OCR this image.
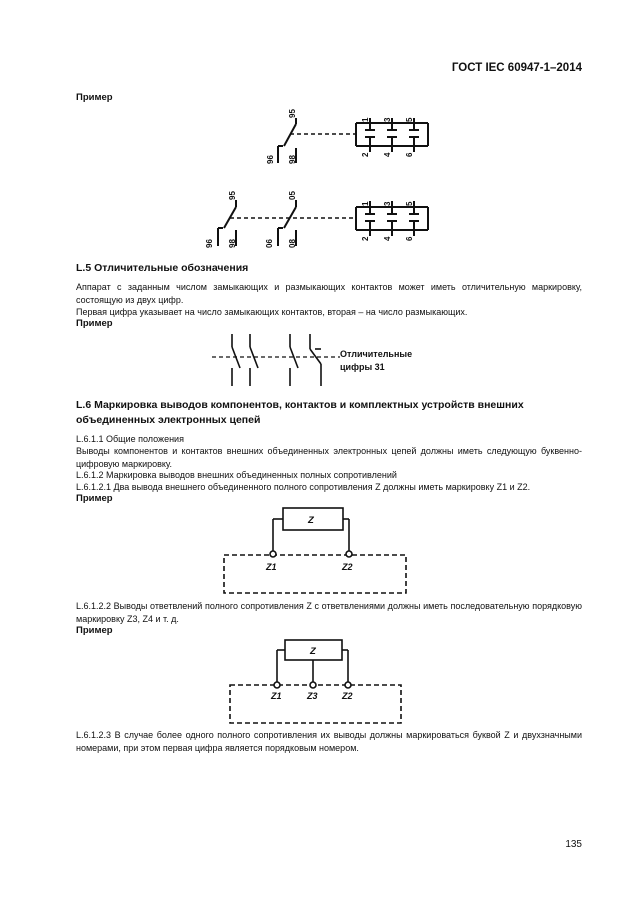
ГОСТ IEC 60947-1–2014
Пример
95
96 98
1 3 5
2 4 6
95
96 98
05
06 08
1 3 5
2 4 6
Отличительные
цифры 31
Z
Z1	Z2
Z
Z1	Z3	Z2
L.5 Отличительные обозначения
Аппарат с заданным числом замыкающих и размыкающих контактов может иметь отличительную маркировку, состоящую из двух цифр.
Первая цифра указывает на число замыкающих контактов, вторая – на число размыкающих.
Пример
L.6 Маркировка выводов компонентов, контактов и комплектных устройств внешних объединенных электронных цепей
L.6.1.1 Общие положения
Выводы компонентов и контактов внешних объединенных электронных цепей должны иметь следующую буквенно-цифровую маркировку.
L.6.1.2 Маркировка выводов внешних объединенных полных сопротивлений
L.6.1.2.1 Два вывода внешнего объединенного полного сопротивления Z должны иметь маркировку Z1 и Z2.
Пример
L.6.1.2.2 Выводы ответвлений полного сопротивления Z с ответвлениями должны иметь последовательную порядковую маркировку Z3, Z4 и т. д.
Пример
L.6.1.2.3 В случае более одного полного сопротивления их выводы должны маркироваться буквой Z и двухзначными номерами, при этом первая цифра является порядковым номером.
135
